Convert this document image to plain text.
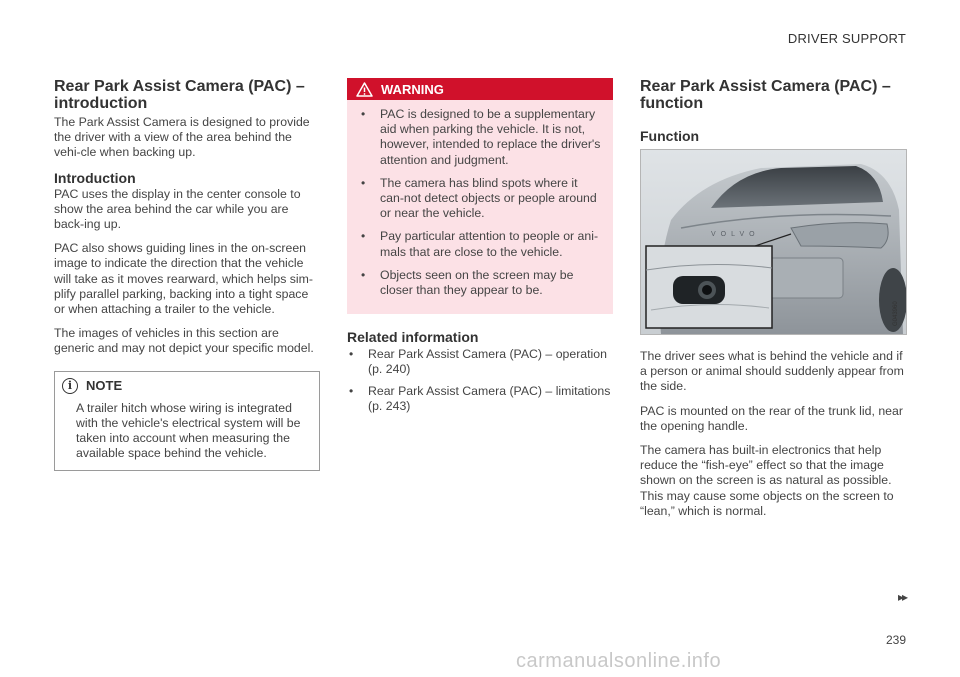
DRIVER SUPPORT
Rear Park Assist Camera (PAC) – introduction

The Park Assist Camera is designed to provide the driver with a view of the area behind the vehi-cle when backing up.

Introduction

PAC uses the display in the center console to show the area behind the car while you are back-ing up.

PAC also shows guiding lines in the on-screen image to indicate the direction that the vehicle will take as it moves rearward, which helps sim-plify parallel parking, backing into a tight space or when attaching a trailer to the vehicle.

The images of vehicles in this section are generic and may not depict your specific model.

i	NOTE
A trailer hitch whose wiring is integrated with the vehicle's electrical system will be taken into account when measuring the available space behind the vehicle.
WARNING
• PAC is designed to be a supplementary aid when parking the vehicle. It is not, however, intended to replace the driver's attention and judgment.
• The camera has blind spots where it can-not detect objects or people around or near the vehicle.
• Pay particular attention to people or ani-mals that are close to the vehicle.
• Objects seen on the screen may be closer than they appear to be.
Related information
• Rear Park Assist Camera (PAC) – operation (p. 240)
• Rear Park Assist Camera (PAC) – limitations (p. 243)
Rear Park Assist Camera (PAC) – function
Function
VOLVO
G043960

The driver sees what is behind the vehicle and if a person or animal should suddenly appear from the side.

PAC is mounted on the rear of the trunk lid, near the opening handle.

The camera has built-in electronics that help reduce the “fish-eye” effect so that the image shown on the screen is as natural as possible. This may cause some objects on the screen to “lean,” which is normal.

▸▸
239
carmanualsonline.info
